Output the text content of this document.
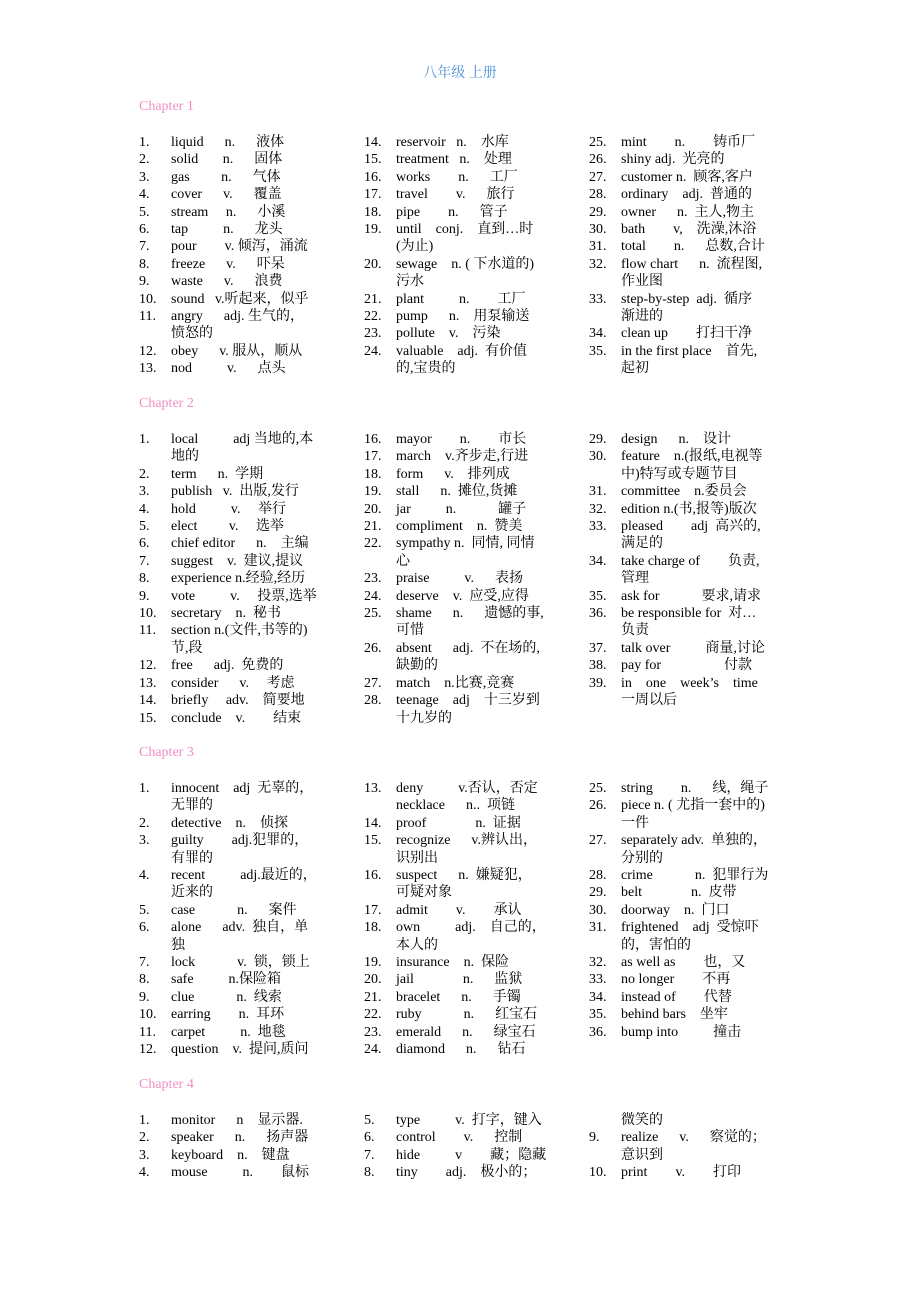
八年级 上册
Chapter 1
1.	liquid      n.      液体
2.	solid       n.      固体
3.	gas         n.      气体
4.	cover      v.      覆盖
5.	stream     n.      小溪
6.	tap          n.      龙头
7.	pour        v. 倾泻，涌流
8.	freeze      v.      吓呆
9.	waste      v.      浪费
10.	sound   v.听起来，似乎
11.	angry      adj. 生气的，
愤怒的
12.	obey      v. 服从，顺从
13.	nod          v.      点头
14.	reservoir   n.    水库
15.	treatment   n.    处理
16.	works        n.      工厂
17.	travel        v.      旅行
18.	pipe        n.      管子
19.	until    conj.    直到…时
(为止)
20.	sewage    n. ( 下水道的)
污水
21.	plant          n.        工厂
22.	pump      n.    用泵输送
23.	pollute    v.    污染
24.	valuable    adj.  有价值
的,宝贵的
25.	mint        n.        铸币厂
26.	shiny adj.  光亮的
27.	customer n.  顾客,客户
28.	ordinary    adj.  普通的
29.	owner      n.  主人,物主
30.	bath        v,    洗澡,沐浴
31.	total        n.      总数,合计
32.	flow chart      n.  流程图,
作业图
33.	step-by-step  adj.  循序
渐进的
34.	clean up        打扫干净
35.	in the first place    首先,
起初
Chapter 2
1.	local          adj 当地的,本
地的
2.	term      n.  学期
3.	publish   v.  出版,发行
4.	hold          v.     举行
5.	elect         v.     选举
6.	chief editor      n.    主编
7.	suggest    v.  建议,提议
8.	experience n.经验,经历
9.	vote          v.     投票,选举
10.	secretary    n.  秘书
11.	section n.(文件,书等的)
节,段
12.	free      adj.  免费的
13.	consider      v.     考虑
14.	briefly     adv.    简要地
15.	conclude    v.        结束
16.	mayor        n.        市长
17.	march    v.齐步走,行进
18.	form      v.    排列成
19.	stall      n.  摊位,货摊
20.	jar          n.            罐子
21.	compliment    n.  赞美
22.	sympathy n.  同情, 同情
心
23.	praise          v.      表扬
24.	deserve    v.  应受,应得
25.	shame      n.      遗憾的事,
可惜
26.	absent      adj.  不在场的,
缺勤的
27.	match    n.比赛,竞赛
28.	teenage    adj    十三岁到
十九岁的
29.	design      n.    设计
30.	feature    n.(报纸,电视等
中)特写或专题节目
31.	committee    n.委员会
32.	edition n.(书,报等)版次
33.	pleased        adj  高兴的,
满足的
34.	take charge of        负责,
管理
35.	ask for            要求,请求
36.	be responsible for  对…
负责
37.	talk over          商量,讨论
38.	pay for                  付款
39.	in    one    week’s    time
一周以后
Chapter 3
1.	innocent    adj  无辜的，
无罪的
2.	detective    n.    侦探
3.	guilty        adj.犯罪的，
有罪的
4.	recent          adj.最近的，
近来的
5.	case            n.      案件
6.	alone      adv.  独自，单
独
7.	lock            v.  锁，锁上
8.	safe          n.保险箱
9.	clue            n.  线索
10.	earring        n.  耳环
11.	carpet          n.  地毯
12.	question    v.  提问,质问
13.	deny          v.否认，否定
necklace      n..  项链
14.	proof              n.  证据
15.	recognize      v.辨认出，
识别出
16.	suspect      n.  嫌疑犯，
可疑对象
17.	admit        v.        承认
18.	own          adj.    自己的，
本人的
19.	insurance    n.  保险
20.	jail              n.      监狱
21.	bracelet      n.      手镯
22.	ruby            n.      红宝石
23.	emerald      n.      绿宝石
24.	diamond      n.      钻石
25.	string        n.      线，绳子
26.	piece n. ( 尤指一套中的)
一件
27.	separately adv.  单独的，
分别的
28.	crime            n.  犯罪行为
29.	belt              n.  皮带
30.	doorway    n.  门口
31.	frightened    adj  受惊吓
的，害怕的
32.	as well as        也，又
33.	no longer        不再
34.	instead of        代替
35.	behind bars    坐牢
36.	bump into          撞击
Chapter 4
1.	monitor      n    显示器.
2.	speaker      n.      扬声器
3.	keyboard    n.    键盘
4.	mouse          n.        鼠标
5.	type          v.  打字，键入
6.	control        v.      控制
7.	hide          v        藏；隐藏
8.	tiny        adj.    极小的；
微笑的
9.	realize      v.      察觉的；
意识到
10.	print        v.        打印
